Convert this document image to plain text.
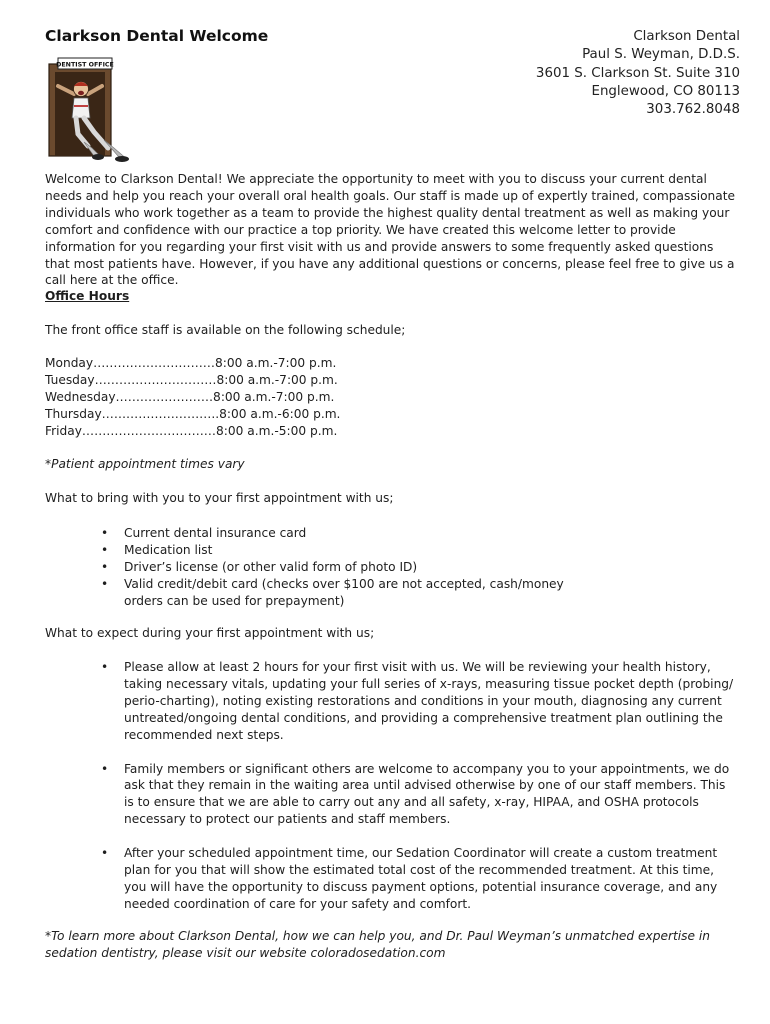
Clarkson Dental Welcome	Clarkson Dental
Paul S. Weyman, D.D.S.
3601 S. Clarkson St. Suite 310
Englewood, CO 80113
303.762.8048
DENTIST OFFICE
Welcome to Clarkson Dental! We appreciate the opportunity to meet with you to discuss your current dental needs and help you reach your overall oral health goals. Our staff is made up of expertly trained, compassionate individuals who work together as a team to provide the highest quality dental treatment as well as making your comfort and confidence with our practice a top priority. We have created this welcome letter to provide information for you regarding your first visit with us and provide answers to some frequently asked questions that most patients have. However, if you have any additional questions or concerns, please feel free to give us a call here at the office.
Office Hours
The front office staff is available on the following schedule;
Monday…………………………8:00 a.m.-7:00 p.m.
Tuesday…………………………8:00 a.m.-7:00 p.m.
Wednesday……………………8:00 a.m.-7:00 p.m.
Thursday………………………..8:00 a.m.-6:00 p.m.
Friday……………………………8:00 a.m.-5:00 p.m.
*Patient appointment times vary
What to bring with you to your first appointment with us;
• Current dental insurance card
• Medication list
• Driver’s license (or other valid form of photo ID)
• Valid credit/debit card (checks over $100 are not accepted, cash/money orders can be used for prepayment)
What to expect during your first appointment with us;
• Please allow at least 2 hours for your first visit with us. We will be reviewing your health history, taking necessary vitals, updating your full series of x-rays, measuring tissue pocket depth (probing/ perio-charting), noting existing restorations and conditions in your mouth, diagnosing any current untreated/ongoing dental conditions, and providing a comprehensive treatment plan outlining the recommended next steps.
• Family members or significant others are welcome to accompany you to your appointments, we do ask that they remain in the waiting area until advised otherwise by one of our staff members. This is to ensure that we are able to carry out any and all safety, x-ray, HIPAA, and OSHA protocols necessary to protect our patients and staff members.
• After your scheduled appointment time, our Sedation Coordinator will create a custom treatment plan for you that will show the estimated total cost of the recommended treatment. At this time, you will have the opportunity to discuss payment options, potential insurance coverage, and any needed coordination of care for your safety and comfort.
*To learn more about Clarkson Dental, how we can help you, and Dr. Paul Weyman’s unmatched expertise in sedation dentistry, please visit our website coloradosedation.com
